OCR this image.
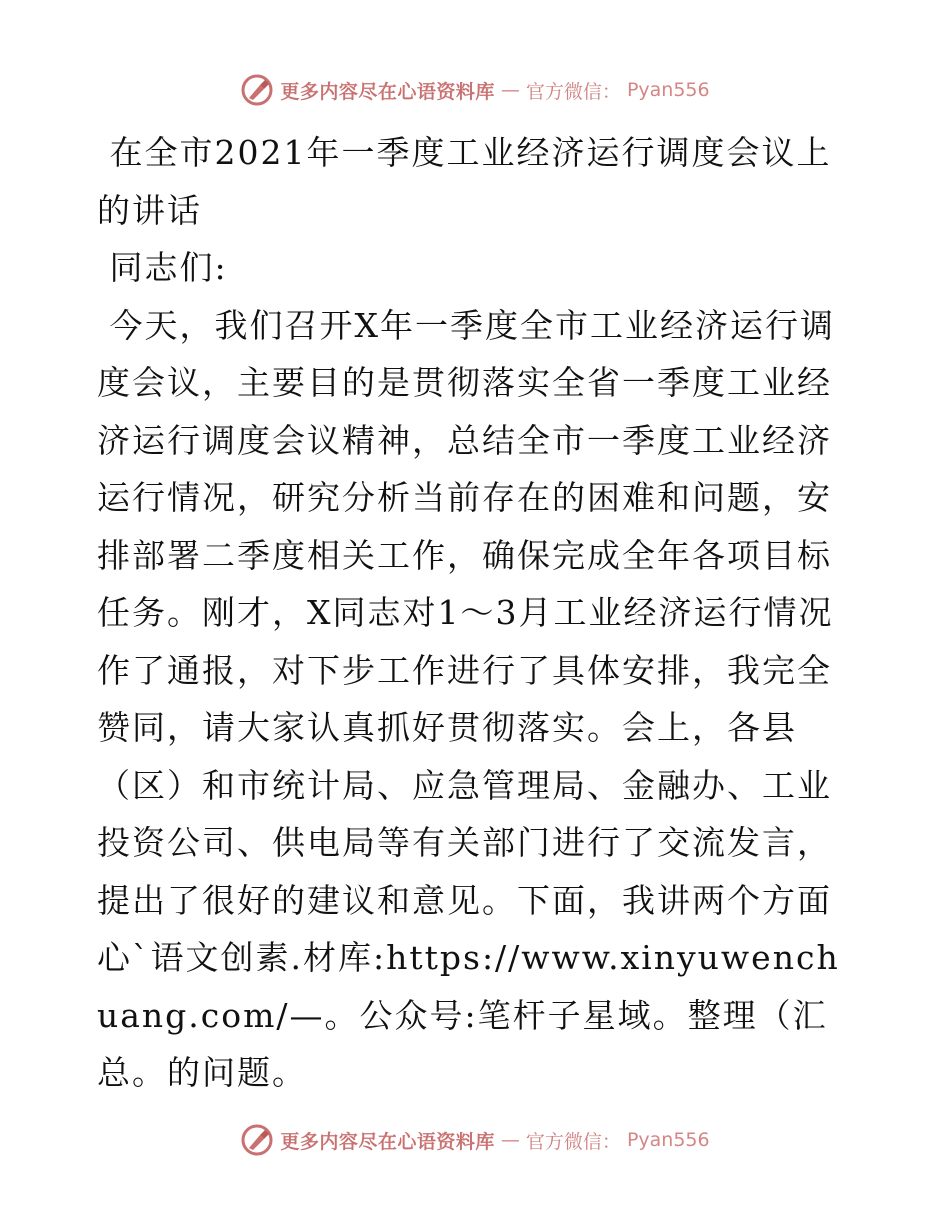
更多内容尽在心语资料库 — 官方微信： Pyan556

在全市2021年一季度工业经济运行调度会议上的讲话

同志们:

今天，我们召开X年一季度全市工业经济运行调度会议，主要目的是贯彻落实全省一季度工业经济运行调度会议精神，总结全市一季度工业经济运行情况，研究分析当前存在的困难和问题，安排部署二季度相关工作，确保完成全年各项目标任务。刚才，X同志对1～3月工业经济运行情况作了通报，对下步工作进行了具体安排，我完全赞同，请大家认真抓好贯彻落实。会上，各县（区）和市统计局、应急管理局、金融办、工业投资公司、供电局等有关部门进行了交流发言，提出了很好的建议和意见。下面，我讲两个方面心`语文创素.材库:https://www.xinyuwenchuang.com/—。公众号:笔杆子星域。整理（汇总。的问题。

更多内容尽在心语资料库 — 官方微信： Pyan556
